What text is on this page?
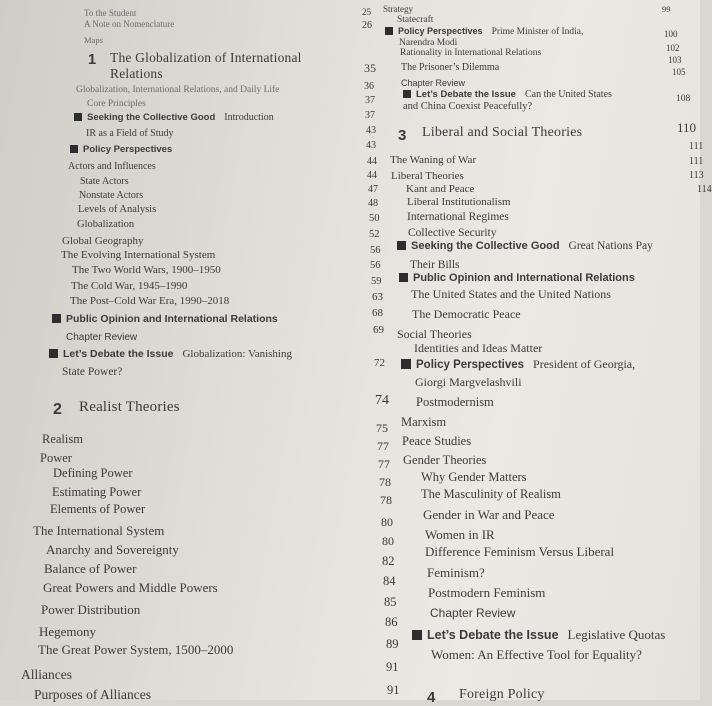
To the Student
A Note on Nomenclature
Maps
1 The Globalization of International
Relations
Globalization, International Relations, and Daily Life
Core Principles
Seeking the Collective Good Introduction
IR as a Field of Study
Policy Perspectives
Actors and Influences
State Actors
Nonstate Actors
Levels of Analysis
Globalization
Global Geography
The Evolving International System
The Two World Wars, 1900–1950
The Cold War, 1945–1990
The Post–Cold War Era, 1990–2018
Public Opinion and International Relations
Chapter Review
Let’s Debate the Issue Globalization: Vanishing
State Power?
2 Realist Theories
Realism
Power
Defining Power
Estimating Power
Elements of Power
The International System
Anarchy and Sovereignty
Balance of Power
Great Powers and Middle Powers
Power Distribution
Hegemony
The Great Power System, 1500–2000
Alliances
Purposes of Alliances
25
26
35
36
37
37
43
43
44
44
47
48
50
52
56
56
59
63
68
69
72
74
75
77
77
78
78
80
80
82
84
85
86
89
91
91
Strategy
Statecraft
Policy Perspectives Prime Minister of India,
Narendra Modi
Rationality in International Relations
The Prisoner’s Dilemma
Chapter Review
Let’s Debate the Issue Can the United States
and China Coexist Peacefully?
3 Liberal and Social Theories
The Waning of War
Liberal Theories
Kant and Peace
Liberal Institutionalism
International Regimes
Collective Security
Seeking the Collective Good Great Nations Pay
Their Bills
Public Opinion and International Relations
The United States and the United Nations
The Democratic Peace
Social Theories
Identities and Ideas Matter
Policy Perspectives President of Georgia,
Giorgi Margvelashvili
Postmodernism
Marxism
Peace Studies
Gender Theories
Why Gender Matters
The Masculinity of Realism
Gender in War and Peace
Women in IR
Difference Feminism Versus Liberal
Feminism?
Postmodern Feminism
Chapter Review
Let’s Debate the Issue Legislative Quotas
Women: An Effective Tool for Equality?
4 Foreign Policy
99
100
102
103
105
108
110
111
111
113
114
